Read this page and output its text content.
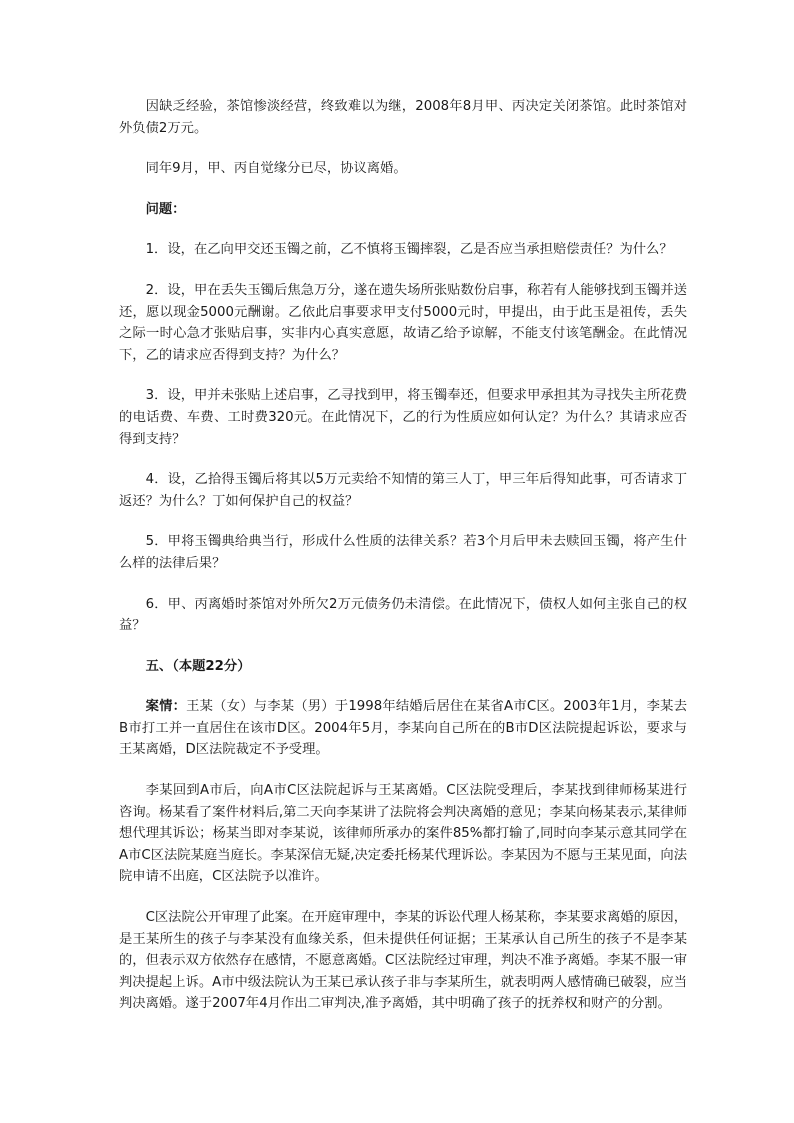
因缺乏经验，茶馆惨淡经营，终致难以为继，2008年8月甲、丙决定关闭茶馆。此时茶馆对外负债2万元。

同年9月，甲、丙自觉缘分已尽，协议离婚。

问题：

1．设，在乙向甲交还玉镯之前，乙不慎将玉镯摔裂，乙是否应当承担赔偿责任？为什么？

2．设，甲在丢失玉镯后焦急万分，遂在遗失场所张贴数份启事，称若有人能够找到玉镯并送还，愿以现金5000元酬谢。乙依此启事要求甲支付5000元时，甲提出，由于此玉是祖传，丢失之际一时心急才张贴启事，实非内心真实意愿，故请乙给予谅解，不能支付该笔酬金。在此情况下，乙的请求应否得到支持？为什么？

3．设，甲并未张贴上述启事，乙寻找到甲，将玉镯奉还，但要求甲承担其为寻找失主所花费的电话费、车费、工时费320元。在此情况下，乙的行为性质应如何认定？为什么？其请求应否得到支持？

4．设，乙拾得玉镯后将其以5万元卖给不知情的第三人丁，甲三年后得知此事，可否请求丁返还？为什么？丁如何保护自己的权益？

5．甲将玉镯典给典当行，形成什么性质的法律关系？若3个月后甲未去赎回玉镯，将产生什么样的法律后果？

6．甲、丙离婚时茶馆对外所欠2万元债务仍未清偿。在此情况下，债权人如何主张自己的权益？

五、（本题22分）

案情：王某（女）与李某（男）于1998年结婚后居住在某省A市C区。2003年1月，李某去B市打工并一直居住在该市D区。2004年5月，李某向自己所在的B市D区法院提起诉讼，要求与王某离婚，D区法院裁定不予受理。

李某回到A市后，向A市C区法院起诉与王某离婚。C区法院受理后，李某找到律师杨某进行咨询。杨某看了案件材料后,第二天向李某讲了法院将会判决离婚的意见；李某向杨某表示,某律师想代理其诉讼；杨某当即对李某说，该律师所承办的案件85%都打输了,同时向李某示意其同学在A市C区法院某庭当庭长。李某深信无疑,决定委托杨某代理诉讼。李某因为不愿与王某见面，向法院申请不出庭，C区法院予以准许。

C区法院公开审理了此案。在开庭审理中，李某的诉讼代理人杨某称，李某要求离婚的原因，是王某所生的孩子与李某没有血缘关系，但未提供任何证据；王某承认自己所生的孩子不是李某的，但表示双方依然存在感情，不愿意离婚。C区法院经过审理，判决不准予离婚。李某不服一审判决提起上诉。A市中级法院认为王某已承认孩子非与李某所生，就表明两人感情确已破裂，应当判决离婚。遂于2007年4月作出二审判决,准予离婚，其中明确了孩子的抚养权和财产的分割。
